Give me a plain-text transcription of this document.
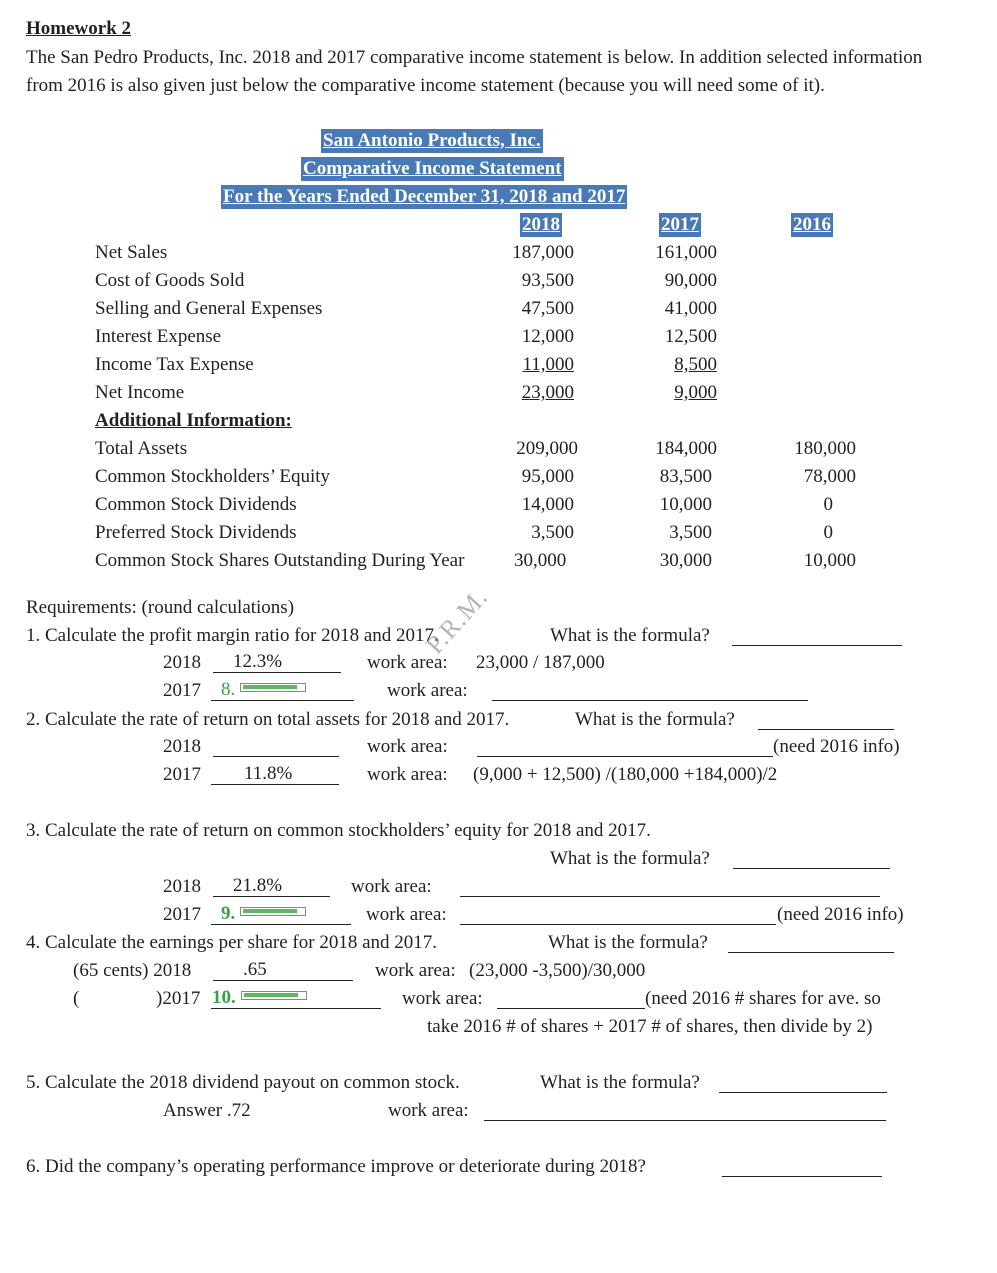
Homework 2
The San Pedro Products, Inc. 2018 and 2017 comparative income statement is below. In addition selected information from 2016 is also given just below the comparative income statement (because you will need some of it).
San Antonio Products, Inc.
Comparative Income Statement
For the Years Ended December 31, 2018 and 2017
2018	2017	2016
Net Sales	187,000	161,000
Cost of Goods Sold	93,500	90,000
Selling and General Expenses	47,500	41,000
Interest Expense	12,000	12,500
Income Tax Expense	11,000	8,500
Net Income	23,000	9,000
Additional Information:
Total Assets	209,000	184,000	180,000
Common Stockholders’ Equity	95,000	83,500	78,000
Common Stock Dividends	14,000	10,000	0
Preferred Stock Dividends	3,500	3,500	0
Common Stock Shares Outstanding During Year	30,000	30,000	10,000
Requirements: (round calculations)
1. Calculate the profit margin ratio for 2018 and 2017.	What is the formula?
2018	12.3%	work area: 23,000 / 187,000
2017	8.	work area:
2. Calculate the rate of return on total assets for 2018 and 2017.	What is the formula?
2018	work area:	(need 2016 info)
2017	11.8%	work area: (9,000 + 12,500) /(180,000 +184,000)/2
3. Calculate the rate of return on common stockholders’ equity for 2018 and 2017.
What is the formula?
2018	21.8%	work area:
2017	9.	work area:	(need 2016 info)
4. Calculate the earnings per share for 2018 and 2017.	What is the formula?
(65 cents) 2018	.65	work area: (23,000 -3,500)/30,000
(	)2017 10.	work area:	(need 2016 # shares for ave. so
take 2016 # of shares + 2017 # of shares, then divide by 2)
5. Calculate the 2018 dividend payout on common stock.	What is the formula?
Answer .72	work area:
6. Did the company’s operating performance improve or deteriorate during 2018?
P.R.M.
